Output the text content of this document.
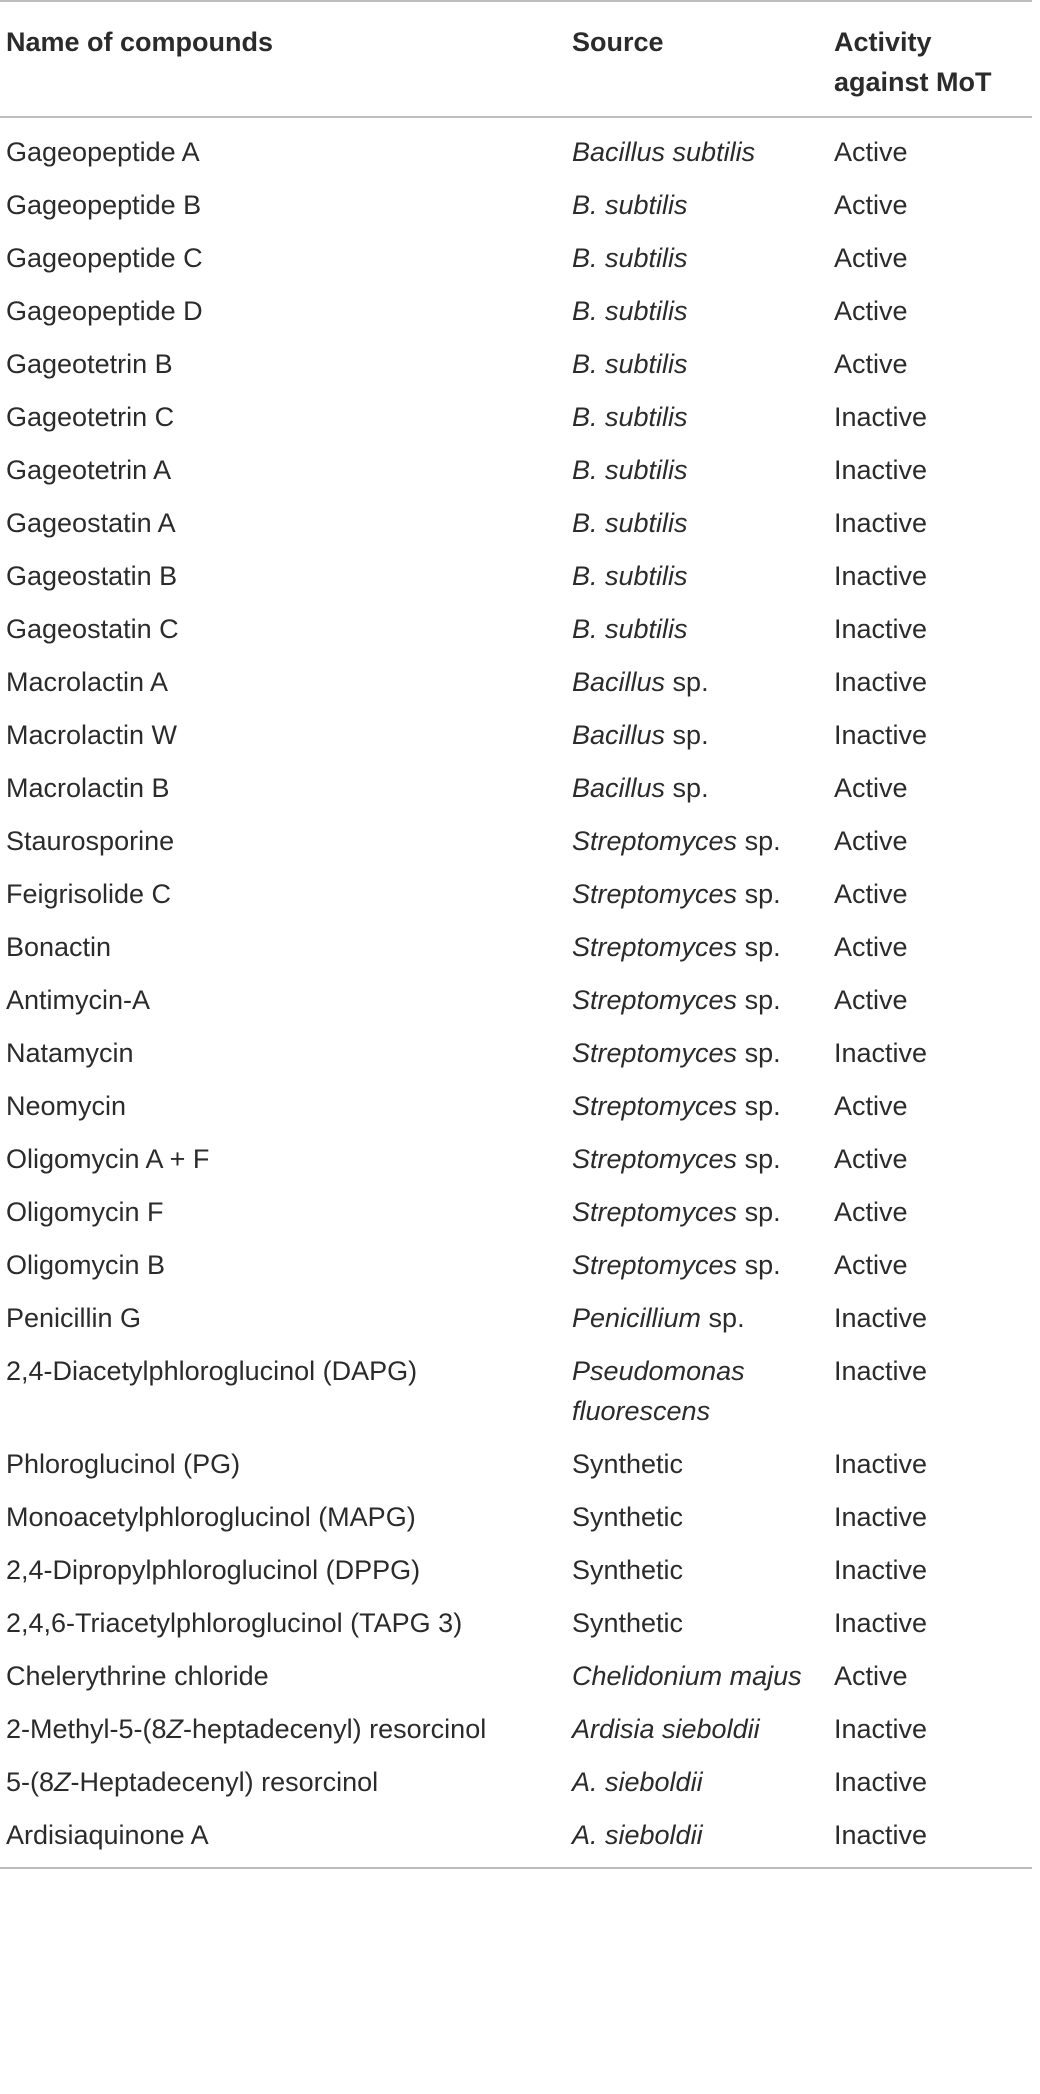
Name of compounds	Source	Activity against MoT
Gageopeptide A	Bacillus subtilis	Active
Gageopeptide B	B. subtilis	Active
Gageopeptide C	B. subtilis	Active
Gageopeptide D	B. subtilis	Active
Gageotetrin B	B. subtilis	Active
Gageotetrin C	B. subtilis	Inactive
Gageotetrin A	B. subtilis	Inactive
Gageostatin A	B. subtilis	Inactive
Gageostatin B	B. subtilis	Inactive
Gageostatin C	B. subtilis	Inactive
Macrolactin A	Bacillus sp.	Inactive
Macrolactin W	Bacillus sp.	Inactive
Macrolactin B	Bacillus sp.	Active
Staurosporine	Streptomyces sp.	Active
Feigrisolide C	Streptomyces sp.	Active
Bonactin	Streptomyces sp.	Active
Antimycin-A	Streptomyces sp.	Active
Natamycin	Streptomyces sp.	Inactive
Neomycin	Streptomyces sp.	Active
Oligomycin A + F	Streptomyces sp.	Active
Oligomycin F	Streptomyces sp.	Active
Oligomycin B	Streptomyces sp.	Active
Penicillin G	Penicillium sp.	Inactive
2,4-Diacetylphloroglucinol (DAPG)	Pseudomonas fluorescens	Inactive
Phloroglucinol (PG)	Synthetic	Inactive
Monoacetylphloroglucinol (MAPG)	Synthetic	Inactive
2,4-Dipropylphloroglucinol (DPPG)	Synthetic	Inactive
2,4,6-Triacetylphloroglucinol (TAPG 3)	Synthetic	Inactive
Chelerythrine chloride	Chelidonium majus	Active
2-Methyl-5-(8Z-heptadecenyl) resorcinol	Ardisia sieboldii	Inactive
5-(8Z-Heptadecenyl) resorcinol	A. sieboldii	Inactive
Ardisiaquinone A	A. sieboldii	Inactive
